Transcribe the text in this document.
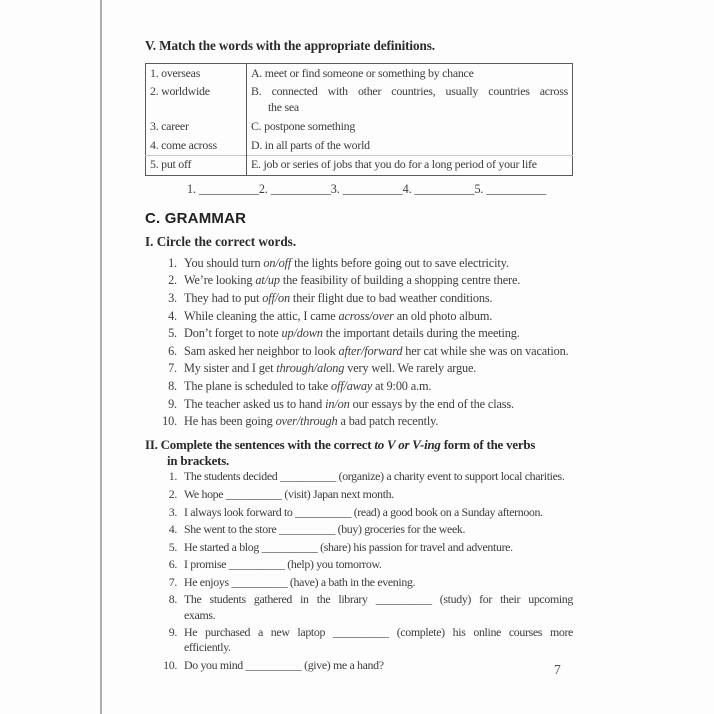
V. Match the words with the appropriate definitions.
1. overseas	A. meet or find someone or something by chance
2. worldwide	B. connected with other countries, usually countries across
the sea

3. career	C. postpone something
4. come across	D. in all parts of the world
5. put off	E. job or series of jobs that you do for a long period of your life
1. __________ 2. __________ 3. __________ 4. __________ 5. __________
C. GRAMMAR
I. Circle the correct words.
1. You should turn on/off the lights before going out to save electricity.
2. We’re looking at/up the feasibility of building a shopping centre there.
3. They had to put off/on their flight due to bad weather conditions.
4. While cleaning the attic, I came across/over an old photo album.
5. Don’t forget to note up/down the important details during the meeting.
6. Sam asked her neighbor to look after/forward her cat while she was on vacation.
7. My sister and I get through/along very well. We rarely argue.
8. The plane is scheduled to take off/away at 9:00 a.m.
9. The teacher asked us to hand in/on our essays by the end of the class.
10. He has been going over/through a bad patch recently.
II. Complete the sentences with the correct to V or V-ing form of the verbs
in brackets.
1. The students decided __________ (organize) a charity event to support local charities.
2. We hope __________ (visit) Japan next month.
3. I always look forward to __________ (read) a good book on a Sunday afternoon.
4. She went to the store __________ (buy) groceries for the week.
5. He started a blog __________ (share) his passion for travel and adventure.
6. I promise __________ (help) you tomorrow.
7. He enjoys __________ (have) a bath in the evening.
8. The students gathered in the library __________ (study) for their upcoming
exams.
9. He purchased a new laptop __________ (complete) his online courses more
efficiently.
10. Do you mind __________ (give) me a hand?	7
